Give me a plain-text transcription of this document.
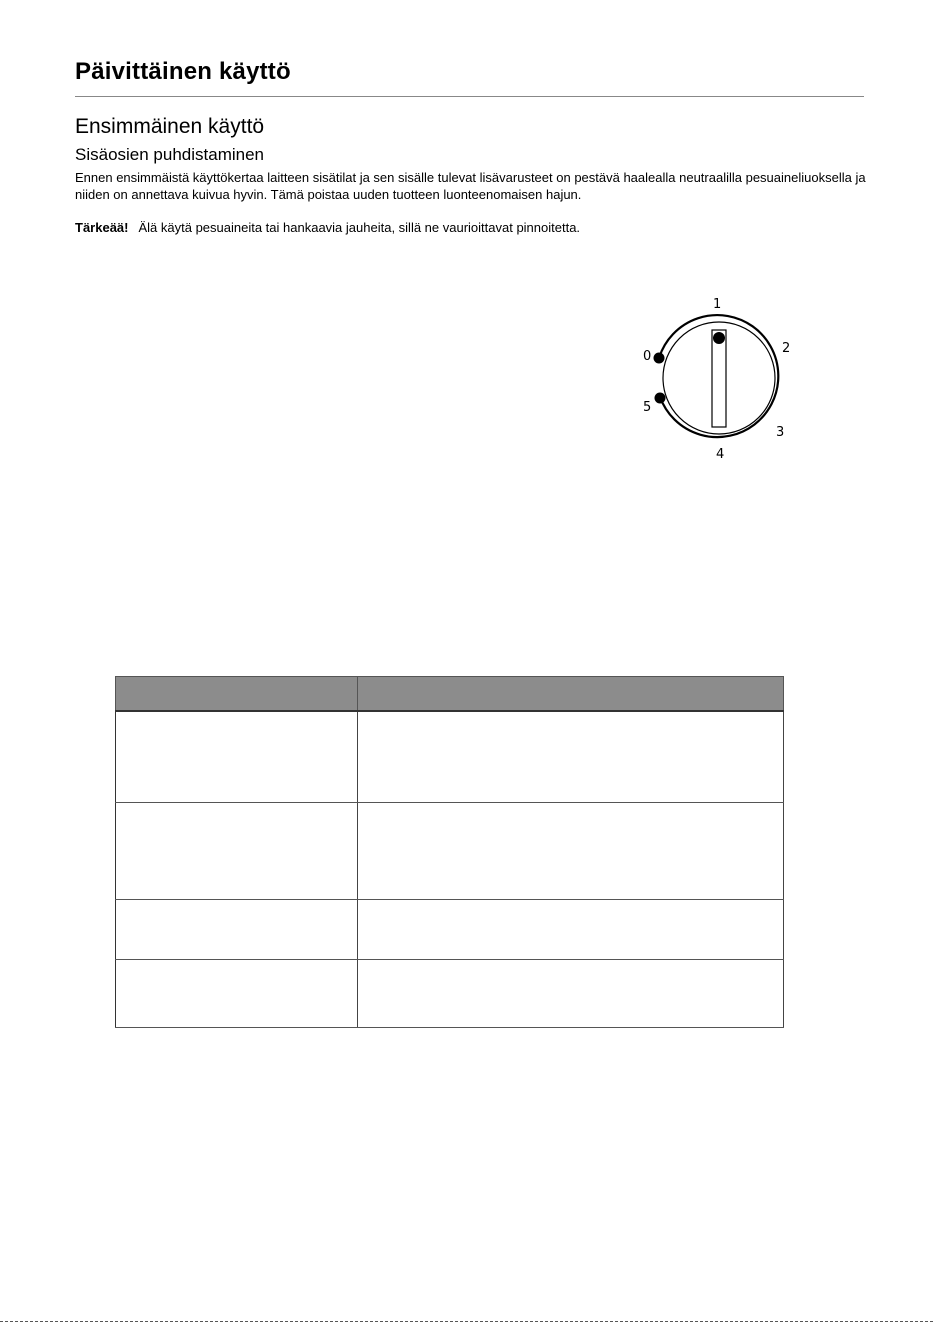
Päivittäinen käyttö
Ensimmäinen käyttö
Sisäosien puhdistaminen

Ennen ensimmäistä käyttökertaa laitteen sisätilat ja sen sisälle tulevat lisävarusteet on pestävä haalealla neutraalilla pesuaineliuoksella ja niiden on annettava kuivua hyvin. Tämä poistaa uuden tuotteen luonteenomaisen hajun.

Tärkeää! Älä käytä pesuaineita tai hankaavia jauheita, sillä ne vaurioittavat pinnoitetta.

0
1
2
3
4
5
